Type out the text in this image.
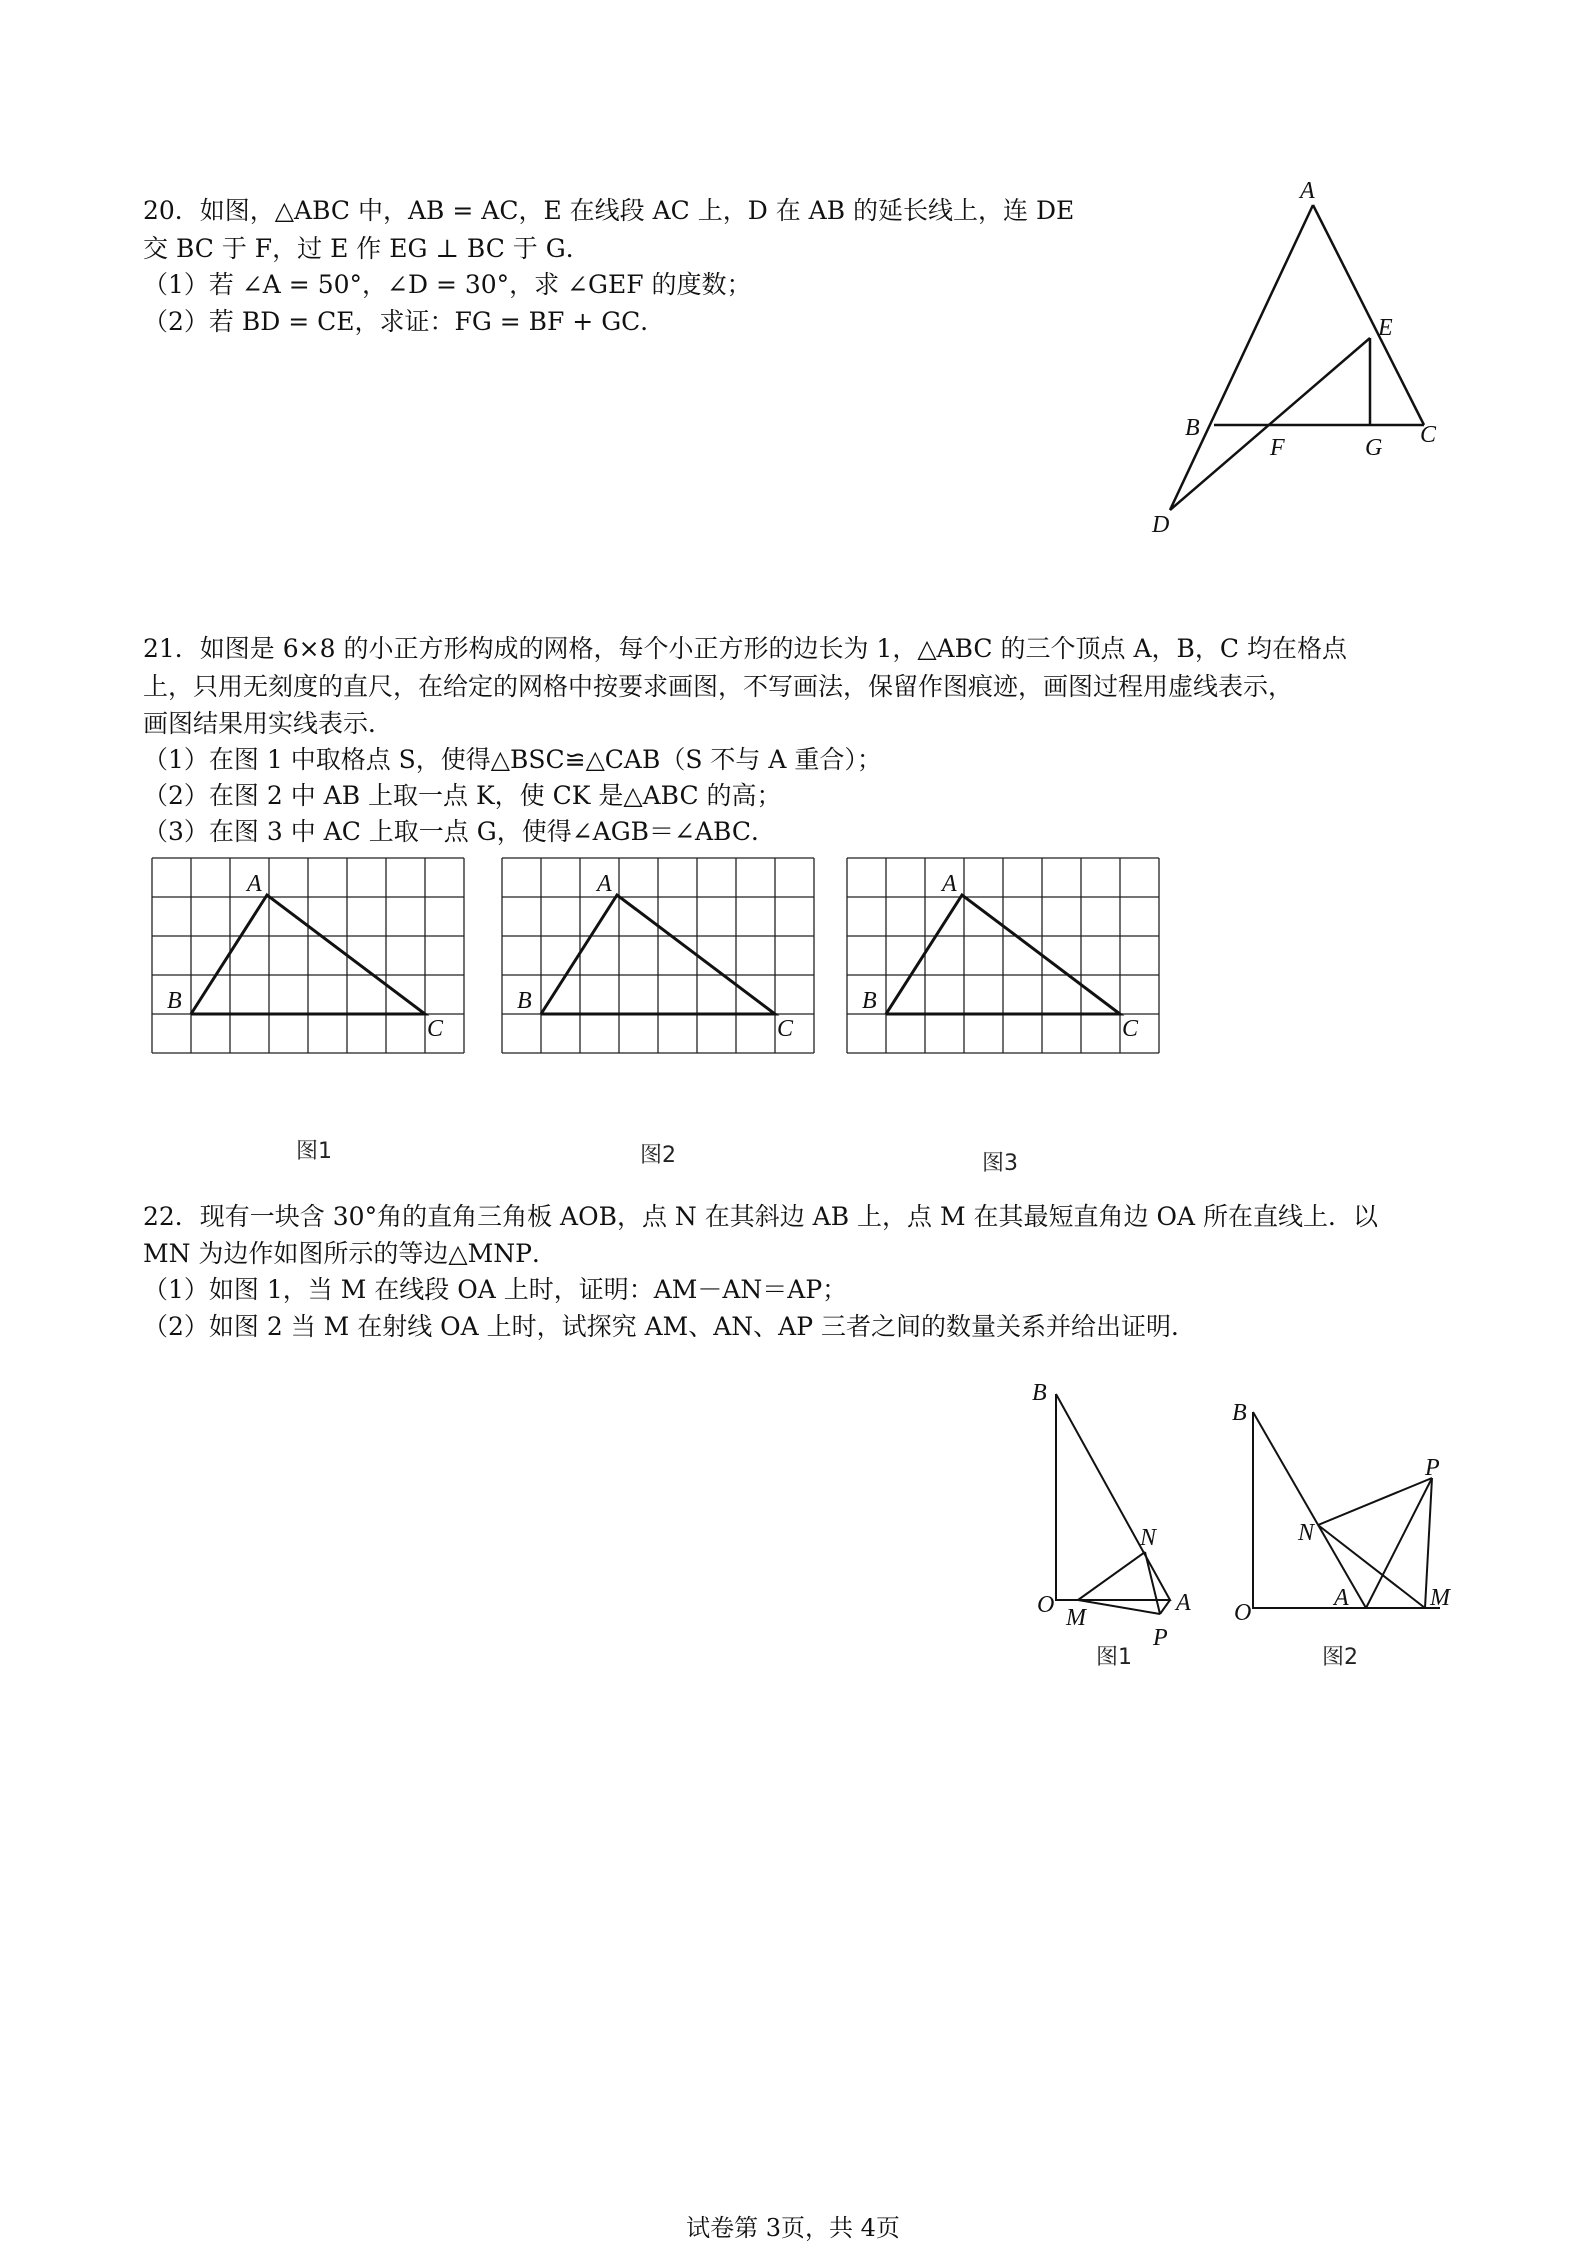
20．如图，△ABC 中，AB = AC，E 在线段 AC 上，D 在 AB 的延长线上，连 DE
交 BC 于 F，过 E 作 EG ⊥ BC 于 G．
（1）若 ∠A = 50°，∠D = 30°，求 ∠GEF 的度数；
（2）若 BD = CE，求证：FG = BF + GC．
A
E
B
F	G C
D
21．如图是 6×8 的小正方形构成的网格，每个小正方形的边长为 1，△ABC 的三个顶点 A，B，C 均在格点
上，只用无刻度的直尺，在给定的网格中按要求画图，不写画法，保留作图痕迹，画图过程用虚线表示，
画图结果用实线表示．
（1）在图 1 中取格点 S，使得△BSC≌△CAB（S 不与 A 重合）；
（2）在图 2 中 AB 上取一点 K，使 CK 是△ABC 的高；
（3）在图 3 中 AC 上取一点 G，使得∠AGB＝∠ABC．
A
B
C
A
B
C
A
B
C
图1	图2	图3
22．现有一块含 30°角的直角三角板 AOB，点 N 在其斜边 AB 上，点 M 在其最短直角边 OA 所在直线上．以
MN 为边作如图所示的等边△MNP．
（1）如图 1，当 M 在线段 OA 上时，证明：AM－AN＝AP；
（2）如图 2 当 M 在射线 OA 上时，试探究 AM、AN、AP 三者之间的数量关系并给出证明．
B
N
O M
A
P
图1
B
P
N
O
A	M
图2
试卷第 3页，共 4页
